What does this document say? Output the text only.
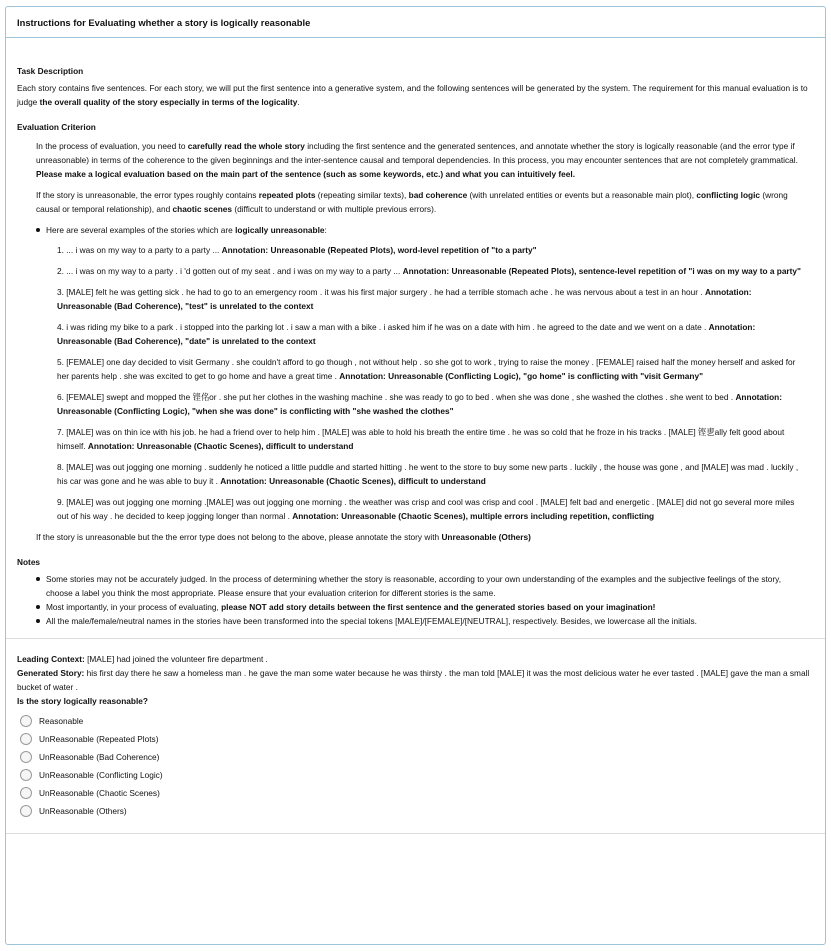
Instructions for Evaluating whether a story is logically reasonable

Task Description

Each story contains five sentences. For each story, we will put the first sentence into a generative system, and the following sentences will be generated by the system. The requirement for this manual evaluation is to judge the overall quality of the story especially in terms of the logicality.

Evaluation Criterion

In the process of evaluation, you need to carefully read the whole story including the first sentence and the generated sentences, and annotate whether the story is logically reasonable (and the error type if unreasonable) in terms of the coherence to the given beginnings and the inter-sentence causal and temporal dependencies. In this process, you may encounter sentences that are not completely grammatical. Please make a logical evaluation based on the main part of the sentence (such as some keywords, etc.) and what you can intuitively feel.

If the story is unreasonable, the error types roughly contains repeated plots (repeating similar texts), bad coherence (with unrelated entities or events but a reasonable main plot), conflicting logic (wrong causal or temporal relationship), and chaotic scenes (difficult to understand or with multiple previous errors).

Here are several examples of the stories which are logically unreasonable:

1. ... i was on my way to a party to a party ... Annotation: Unreasonable (Repeated Plots), word-level repetition of "to a party"

2. ... i was on my way to a party . i 'd gotten out of my seat . and i was on my way to a party ... Annotation: Unreasonable (Repeated Plots), sentence-level repetition of "i was on my way to a party"

3. [MALE] felt he was getting sick . he had to go to an emergency room . it was his first major surgery . he had a terrible stomach ache . he was nervous about a test in an hour . Annotation: Unreasonable (Bad Coherence), "test" is unrelated to the context

4. i was riding my bike to a park . i stopped into the parking lot . i saw a man with a bike . i asked him if he was on a date with him . he agreed to the date and we went on a date . Annotation: Unreasonable (Bad Coherence), "date" is unrelated to the context

5. [FEMALE] one day decided to visit Germany . she couldn't afford to go though , not without help . so she got to work , trying to raise the money . [FEMALE] raised half the money herself and asked for her parents help . she was excited to get to go home and have a great time . Annotation: Unreasonable (Conflicting Logic), "go home" is conflicting with "visit Germany"

6. [FEMALE] swept and mopped the 铿佲or . she put her clothes in the washing machine . she was ready to go to bed . when she was done , she washed the clothes . she went to bed . Annotation: Unreasonable (Conflicting Logic), "when she was done" is conflicting with "she washed the clothes"

7. [MALE] was on thin ice with his job. he had a friend over to help him . [MALE] was able to hold his breath the entire time . he was so cold that he froze in his tracks . [MALE] 铿乶ally felt good about himself. Annotation: Unreasonable (Chaotic Scenes), difficult to understand

8. [MALE] was out jogging one morning . suddenly he noticed a little puddle and started hitting . he went to the store to buy some new parts . luckily , the house was gone , and [MALE] was mad . luckily , his car was gone and he was able to buy it . Annotation: Unreasonable (Chaotic Scenes), difficult to understand

9. [MALE] was out jogging one morning .[MALE] was out jogging one morning . the weather was crisp and cool was crisp and cool . [MALE] felt bad and energetic . [MALE] did not go several more miles out of his way . he decided to keep jogging longer than normal . Annotation: Unreasonable (Chaotic Scenes), multiple errors including repetition, conflicting

If the story is unreasonable but the the error type does not belong to the above, please annotate the story with Unreasonable (Others)

Notes

Some stories may not be accurately judged. In the process of determining whether the story is reasonable, according to your own understanding of the examples and the subjective feelings of the story, choose a label you think the most appropriate. Please ensure that your evaluation criterion for different stories is the same.
Most importantly, in your process of evaluating, please NOT add story details between the first sentence and the generated stories based on your imagination!
All the male/female/neutral names in the stories have been transformed into the special tokens [MALE]/[FEMALE]/[NEUTRAL], respectively. Besides, we lowercase all the initials.

Leading Context: [MALE] had joined the volunteer fire department .

Generated Story: his first day there he saw a homeless man . he gave the man some water because he was thirsty . the man told [MALE] it was the most delicious water he ever tasted . [MALE] gave the man a small bucket of water .

Is the story logically reasonable?

Reasonable
UnReasonable (Repeated Plots)
UnReasonable (Bad Coherence)
UnReasonable (Conflicting Logic)
UnReasonable (Chaotic Scenes)
UnReasonable (Others)
